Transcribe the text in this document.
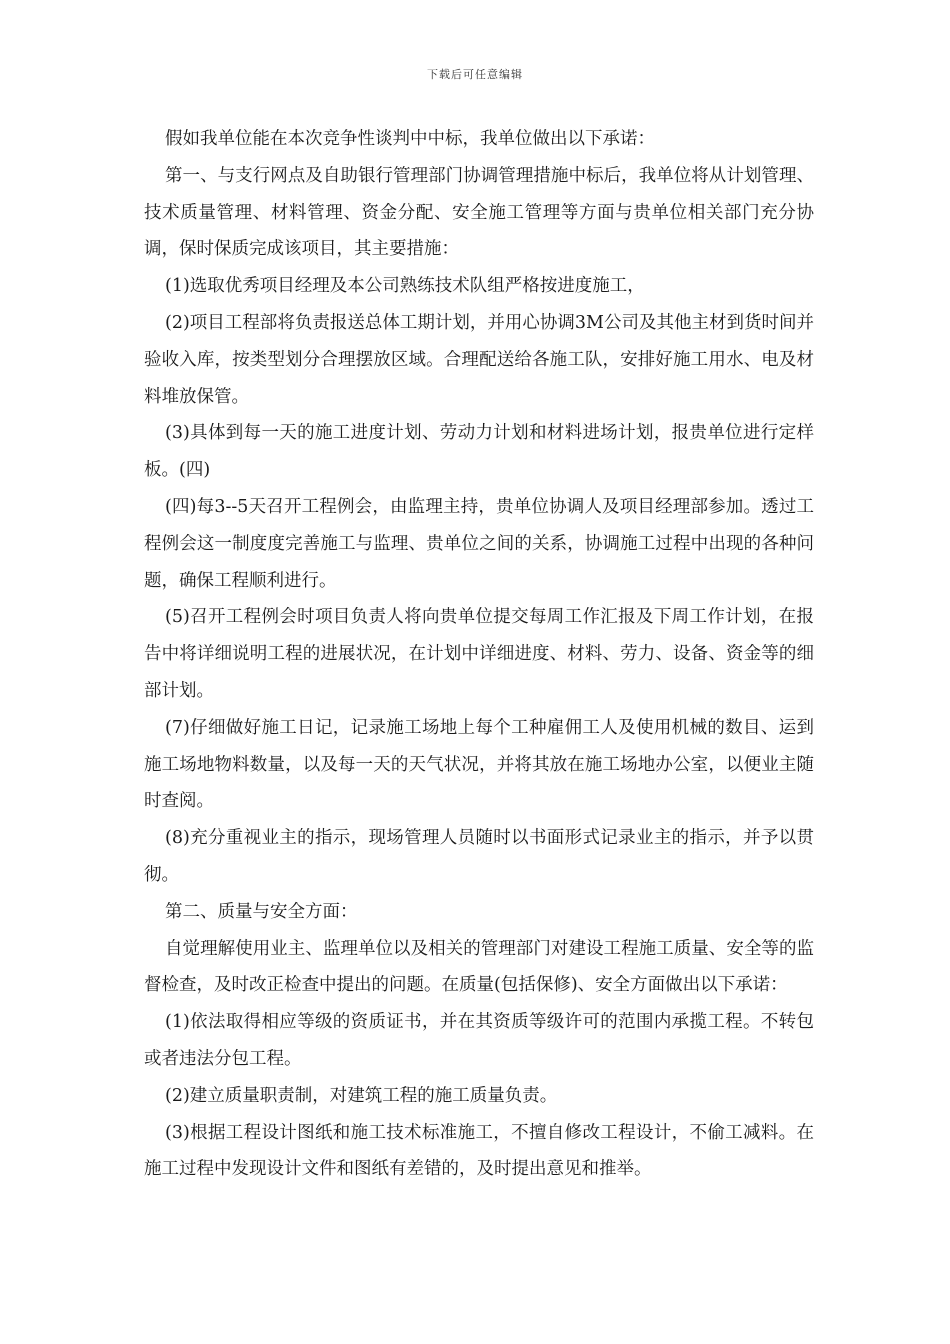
下载后可任意编辑

假如我单位能在本次竞争性谈判中中标，我单位做出以下承诺：

第一、与支行网点及自助银行管理部门协调管理措施中标后，我单位将从计划管理、技术质量管理、材料管理、资金分配、安全施工管理等方面与贵单位相关部门充分协调，保时保质完成该项目，其主要措施：

(1)选取优秀项目经理及本公司熟练技术队组严格按进度施工，

(2)项目工程部将负责报送总体工期计划，并用心协调3M公司及其他主材到货时间并验收入库，按类型划分合理摆放区域。合理配送给各施工队，安排好施工用水、电及材料堆放保管。

(3)具体到每一天的施工进度计划、劳动力计划和材料进场计划，报贵单位进行定样板。(四)

(四)每3--5天召开工程例会，由监理主持，贵单位协调人及项目经理部参加。透过工程例会这一制度度完善施工与监理、贵单位之间的关系，协调施工过程中出现的各种问题，确保工程顺利进行。

(5)召开工程例会时项目负责人将向贵单位提交每周工作汇报及下周工作计划，在报告中将详细说明工程的进展状况，在计划中详细进度、材料、劳力、设备、资金等的细部计划。

(7)仔细做好施工日记，记录施工场地上每个工种雇佣工人及使用机械的数目、运到施工场地物料数量，以及每一天的天气状况，并将其放在施工场地办公室，以便业主随时查阅。

(8)充分重视业主的指示，现场管理人员随时以书面形式记录业主的指示，并予以贯彻。

第二、质量与安全方面：

自觉理解使用业主、监理单位以及相关的管理部门对建设工程施工质量、安全等的监督检查，及时改正检查中提出的问题。在质量(包括保修)、安全方面做出以下承诺：

(1)依法取得相应等级的资质证书，并在其资质等级许可的范围内承揽工程。不转包或者违法分包工程。

(2)建立质量职责制，对建筑工程的施工质量负责。

(3)根据工程设计图纸和施工技术标准施工，不擅自修改工程设计，不偷工减料。在施工过程中发现设计文件和图纸有差错的，及时提出意见和推举。
